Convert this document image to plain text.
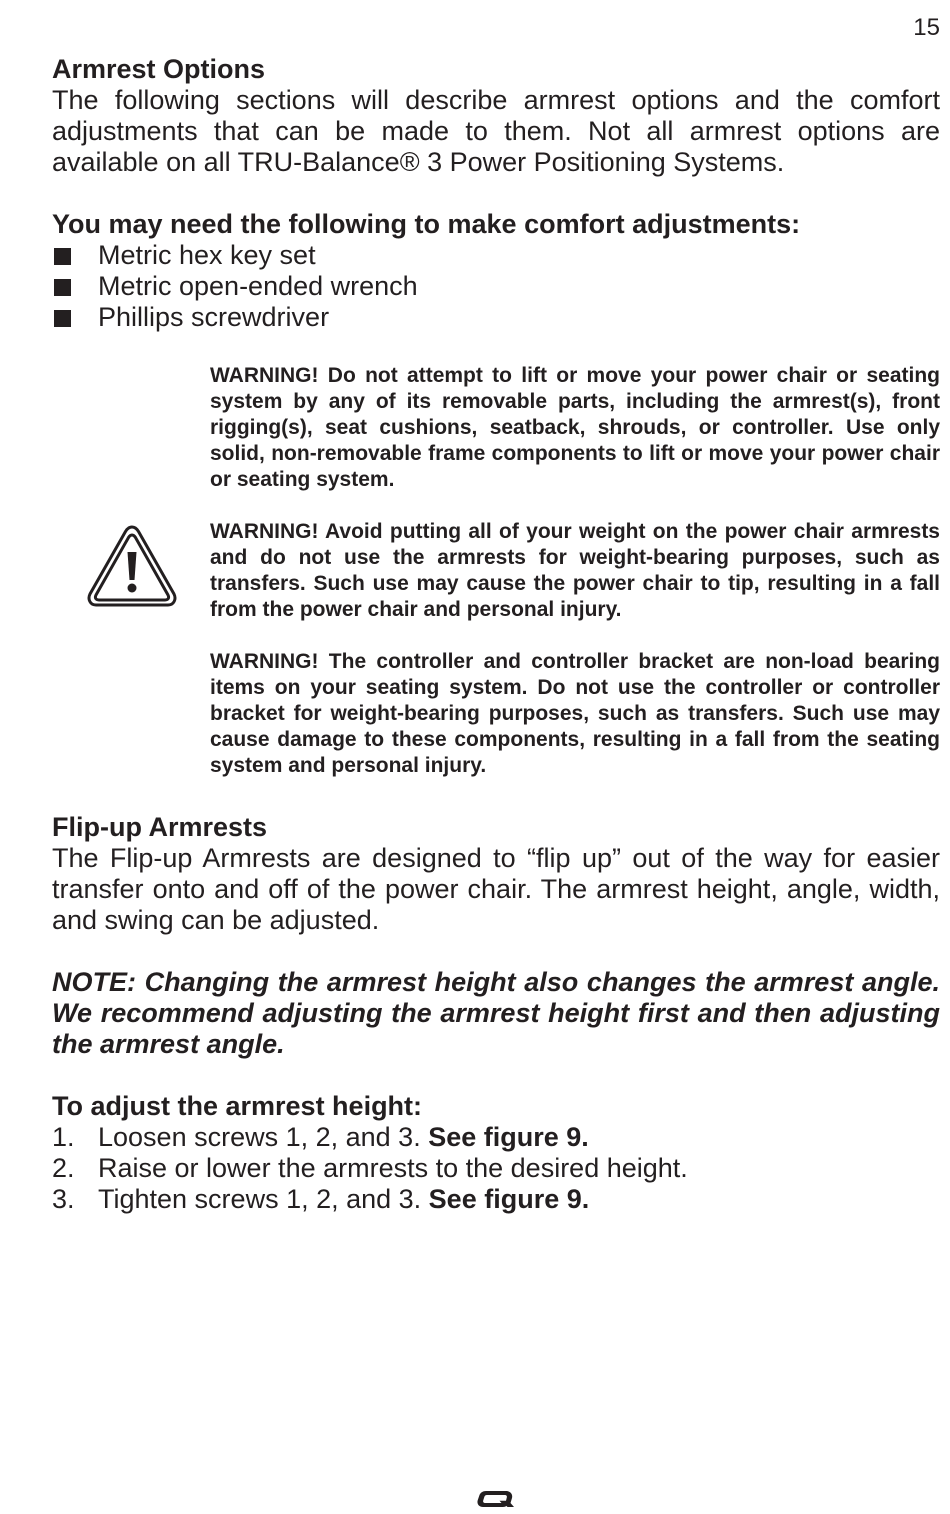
15
Armrest Options

The following sections will describe armrest options and the comfort adjustments that can be made to them. Not all armrest options are available on all TRU-Balance® 3 Power Positioning Systems.

You may need the following to make comfort adjustments:

Metric hex key set
Metric open-ended wrench
Phillips screwdriver

WARNING! Do not attempt to lift or move your power chair or seating system by any of its removable parts, including the armrest(s), front rigging(s), seat cushions, seatback, shrouds, or controller. Use only solid, non-removable frame components to lift or move your power chair or seating system.

WARNING! Avoid putting all of your weight on the power chair armrests and do not use the armrests for weight-bearing purposes, such as transfers. Such use may cause the power chair to tip, resulting in a fall from the power chair and personal injury.

WARNING! The controller and controller bracket are non-load bearing items on your seating system. Do not use the controller or controller bracket for weight-bearing purposes, such as transfers. Such use may cause damage to these components, resulting in a fall from the seating system and personal injury.

Flip-up Armrests

The Flip-up Armrests are designed to “flip up” out of the way for easier transfer onto and off of the power chair. The armrest height, angle, width, and swing can be adjusted.

NOTE: Changing the armrest height also changes the armrest angle. We recommend adjusting the armrest height first and then adjusting the armrest angle.

To adjust the armrest height:
1. Loosen screws 1, 2, and 3. See figure 9.
2. Raise or lower the armrests to the desired height.
3. Tighten screws 1, 2, and 3. See figure 9.
